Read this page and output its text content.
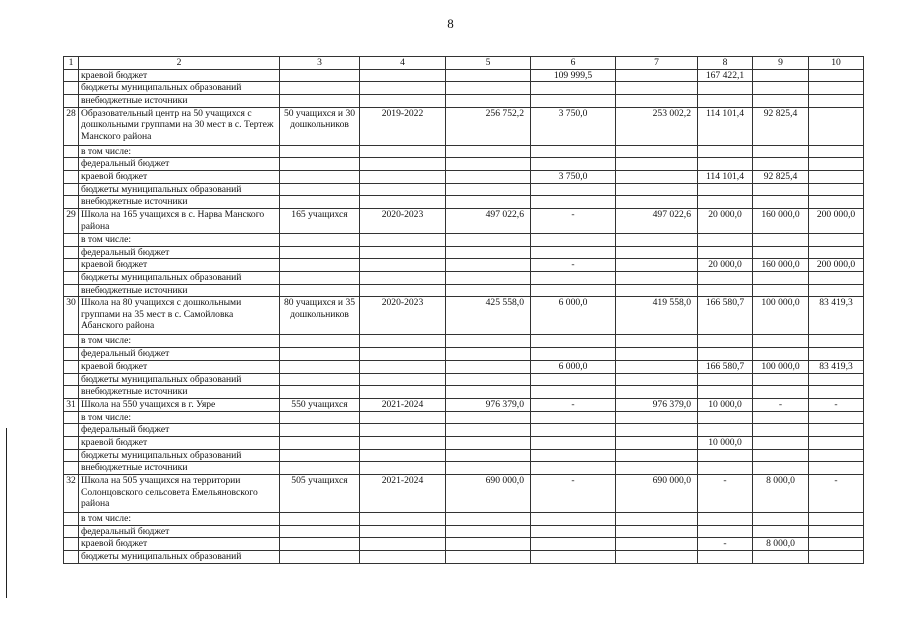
8
1	2	3	4	5	6	7	8	9	10
	краевой бюджет				109 999,5		167 422,1		
	бюджеты муниципальных образований								
	внебюджетные источники								
28	Образовательный центр на 50 учащихся с дошкольными группами на 30 мест в с. Тертеж Манского района	50 учащихся и 30 дошкольников	2019-2022	256 752,2	3 750,0	253 002,2	114 101,4	92 825,4	
	в том числе:								
	федеральный бюджет								
	краевой бюджет				3 750,0		114 101,4	92 825,4	
	бюджеты муниципальных образований								
	внебюджетные источники								
29	Школа на 165 учащихся в с. Нарва Манского района	165 учащихся	2020-2023	497 022,6	-	497 022,6	20 000,0	160 000,0	200 000,0
	в том числе:								
	федеральный бюджет								
	краевой бюджет				-		20 000,0	160 000,0	200 000,0
	бюджеты муниципальных образований								
	внебюджетные источники								
30	Школа на 80 учащихся с дошкольными группами на 35 мест в с. Самойловка Абанского района	80 учащихся и 35 дошкольников	2020-2023	425 558,0	6 000,0	419 558,0	166 580,7	100 000,0	83 419,3
	в том числе:								
	федеральный бюджет								
	краевой бюджет				6 000,0		166 580,7	100 000,0	83 419,3
	бюджеты муниципальных образований								
	внебюджетные источники								
31	Школа на 550 учащихся в г. Уяре	550 учащихся	2021-2024	976 379,0	-	976 379,0	10 000,0	-	-
	в том числе:								
	федеральный бюджет								
	краевой бюджет						10 000,0		
	бюджеты муниципальных образований								
	внебюджетные источники								
32	Школа на 505 учащихся на территории Солонцовского сельсовета Емельяновского района	505 учащихся	2021-2024	690 000,0	-	690 000,0	-	8 000,0	-
	в том числе:								
	федеральный бюджет								
	краевой бюджет						-	8 000,0	
	бюджеты муниципальных образований								
